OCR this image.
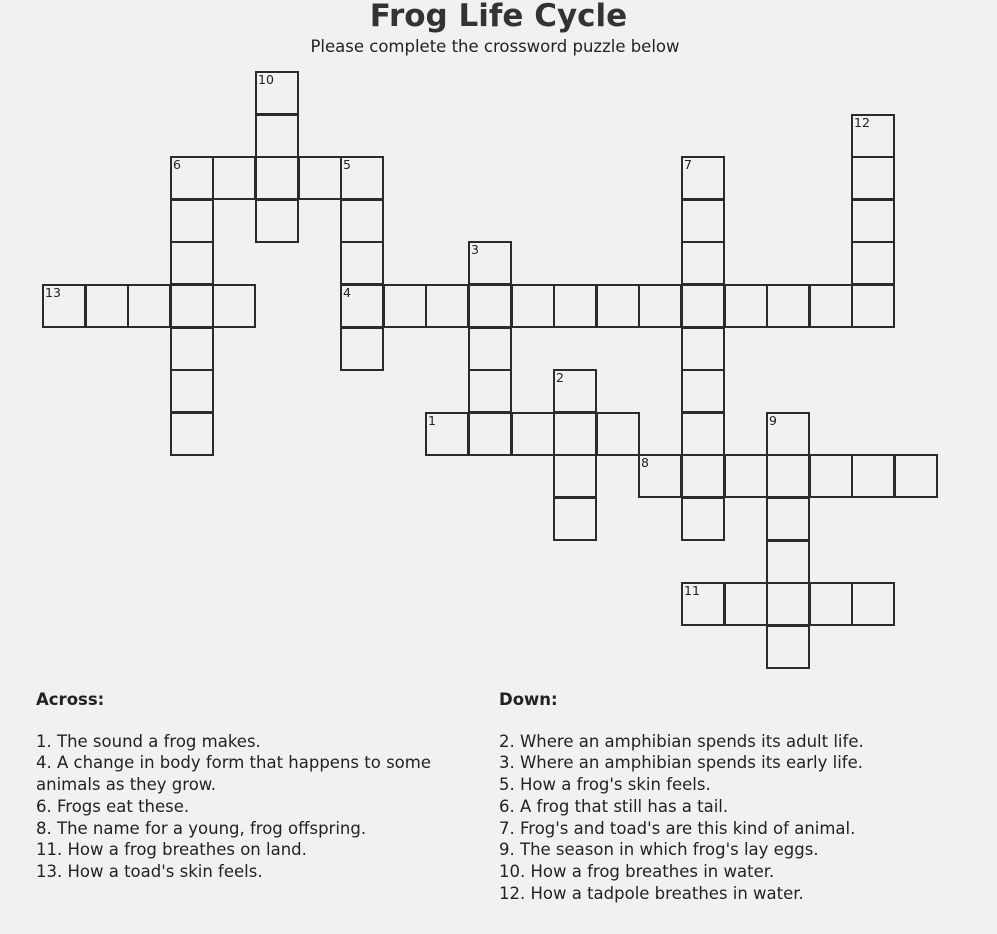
Frog Life Cycle
Please complete the crossword puzzle below
1
4
6	5
8
11
13
2
3
7
9
10
12
Across:
1. The sound a frog makes.
4. A change in body form that happens to some animals as they grow.
6. Frogs eat these.
8. The name for a young, frog offspring.
11. How a frog breathes on land.
13. How a toad's skin feels.
Down:
2. Where an amphibian spends its adult life.
3. Where an amphibian spends its early life.
5. How a frog's skin feels.
6. A frog that still has a tail.
7. Frog's and toad's are this kind of animal.
9. The season in which frog's lay eggs.
10. How a frog breathes in water.
12. How a tadpole breathes in water.
